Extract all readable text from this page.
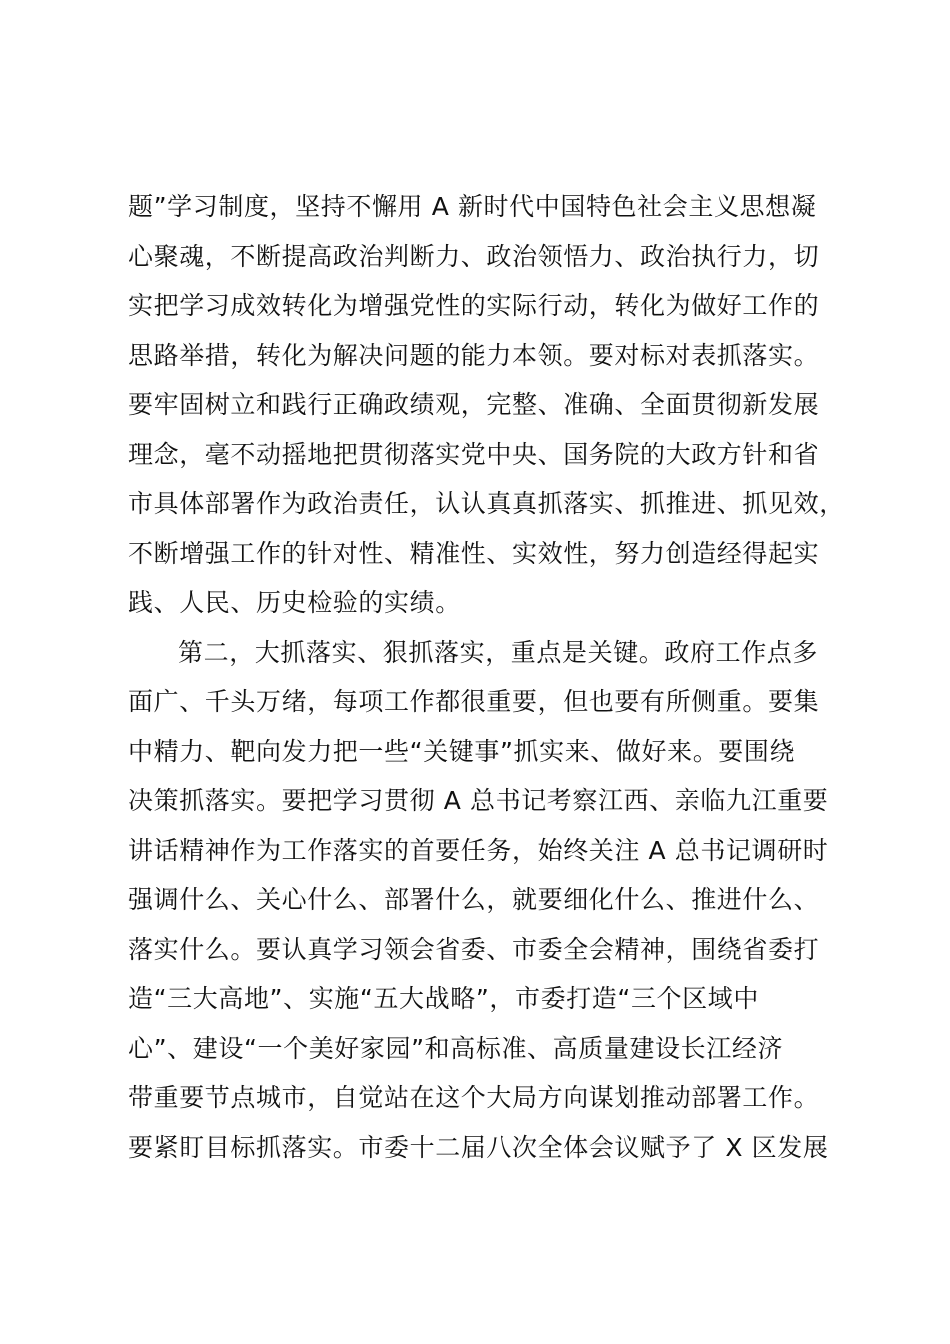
题”学习制度，坚持不懈用 A 新时代中国特色社会主义思想凝
心聚魂，不断提高政治判断力、政治领悟力、政治执行力，切
实把学习成效转化为增强党性的实际行动，转化为做好工作的
思路举措，转化为解决问题的能力本领。要对标对表抓落实。
要牢固树立和践行正确政绩观，完整、准确、全面贯彻新发展
理念，毫不动摇地把贯彻落实党中央、国务院的大政方针和省
市具体部署作为政治责任，认认真真抓落实、抓推进、抓见效，
不断增强工作的针对性、精准性、实效性，努力创造经得起实
践、人民、历史检验的实绩。
第二，大抓落实、狠抓落实，重点是关键。政府工作点多
面广、千头万绪，每项工作都很重要，但也要有所侧重。要集
中精力、靶向发力把一些“关键事”抓实来、做好来。要围绕
决策抓落实。要把学习贯彻 A 总书记考察江西、亲临九江重要
讲话精神作为工作落实的首要任务，始终关注 A 总书记调研时
强调什么、关心什么、部署什么，就要细化什么、推进什么、
落实什么。要认真学习领会省委、市委全会精神，围绕省委打
造“三大高地”、实施“五大战略”，市委打造“三个区域中
心”、建设“一个美好家园”和高标准、高质量建设长江经济
带重要节点城市，自觉站在这个大局方向谋划推动部署工作。
要紧盯目标抓落实。市委十二届八次全体会议赋予了 X 区发展
